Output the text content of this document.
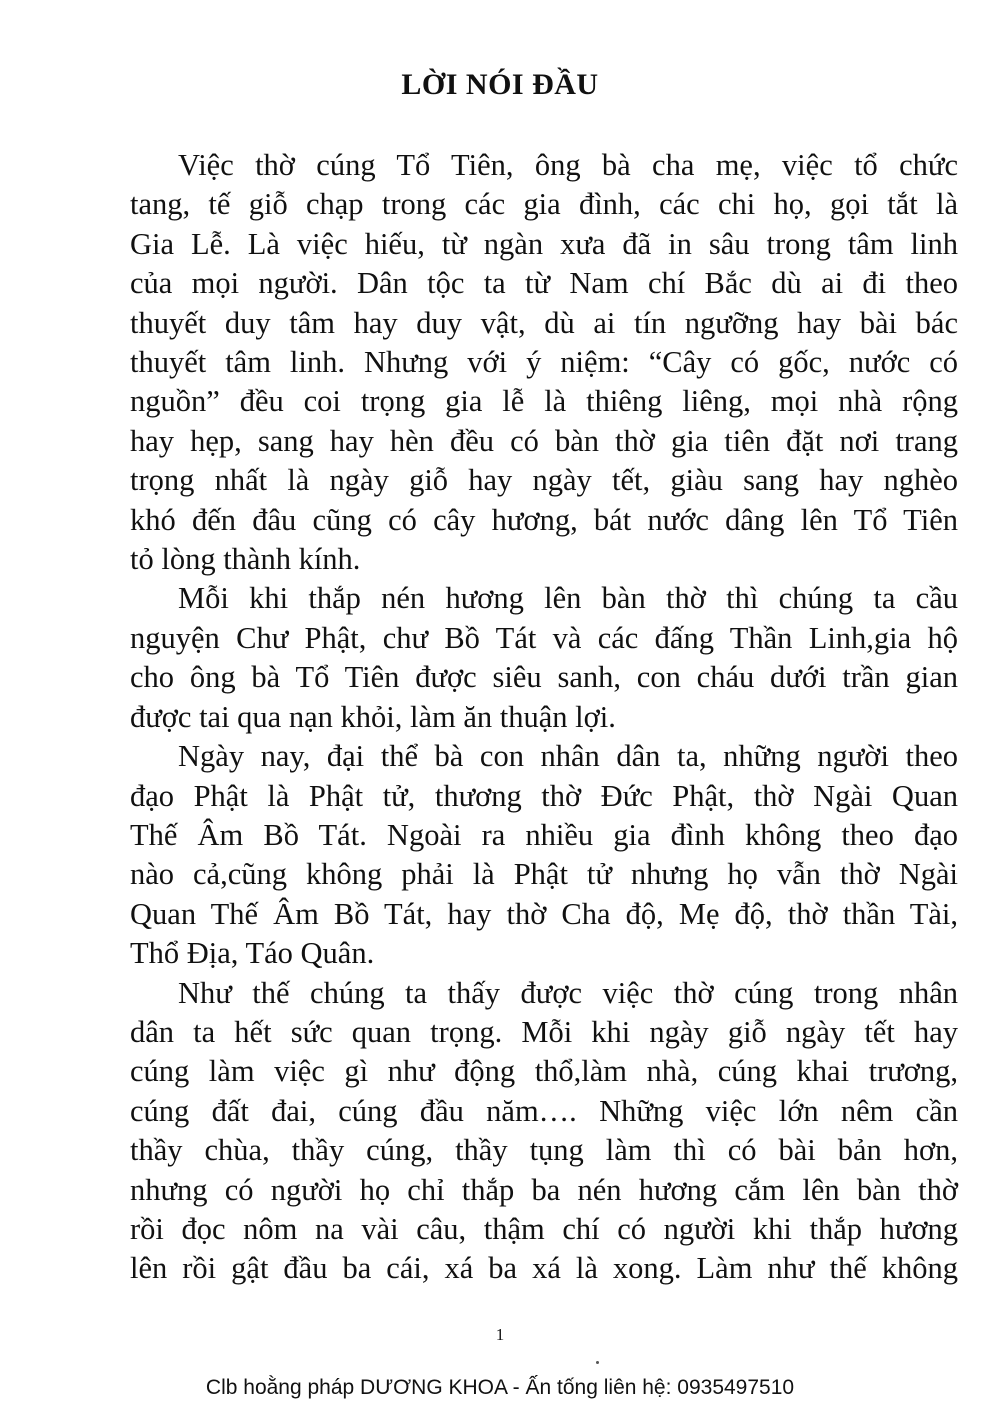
LỜI NÓI ĐẦU
Việc thờ cúng Tổ Tiên, ông bà cha mẹ, việc tổ chức
tang, tế giỗ chạp trong các gia đình, các chi họ, gọi tắt là
Gia Lễ. Là việc hiếu, từ ngàn xưa đã in sâu trong tâm linh
của mọi người. Dân tộc ta từ Nam chí Bắc dù ai đi theo
thuyết duy tâm hay duy vật, dù ai tín ngưỡng hay bài bác
thuyết tâm linh. Nhưng với ý niệm: “Cây có gốc, nước có
nguồn” đều coi trọng gia lễ là thiêng liêng, mọi nhà rộng
hay hẹp, sang hay hèn đều có bàn thờ gia tiên đặt nơi trang
trọng nhất là ngày giỗ hay ngày tết, giàu sang hay nghèo
khó đến đâu cũng có cây hương, bát nước dâng lên Tổ Tiên
tỏ lòng thành kính.
Mỗi khi thắp nén hương lên bàn thờ thì chúng ta cầu
nguyện Chư Phật, chư Bồ Tát và các đấng Thần Linh,gia hộ
cho ông bà Tổ Tiên được siêu sanh, con cháu dưới trần gian
được tai qua nạn khỏi, làm ăn thuận lợi.
Ngày nay, đại thể bà con nhân dân ta, những người theo
đạo Phật là Phật tử, thương thờ Đức Phật, thờ Ngài Quan
Thế Âm Bồ Tát. Ngoài ra nhiều gia đình không theo đạo
nào cả,cũng không phải là Phật tử nhưng họ vẫn thờ Ngài
Quan Thế Âm Bồ Tát, hay thờ Cha độ, Mẹ độ, thờ thần Tài,
Thổ Địa, Táo Quân.
Như thế chúng ta thấy được việc thờ cúng trong nhân
dân ta hết sức quan trọng. Mỗi khi ngày giỗ ngày tết hay
cúng làm việc gì như động thổ,làm nhà, cúng khai trương,
cúng đất đai, cúng đầu năm…. Những việc lớn nêm cần
thầy chùa, thầy cúng, thầy tụng làm thì có bài bản hơn,
nhưng có người họ chỉ thắp ba nén hương cắm lên bàn thờ
rồi đọc nôm na vài câu, thậm chí có người khi thắp hương
lên rồi gật đầu ba cái, xá ba xá là xong. Làm như thế không
1
Clb hoằng pháp DƯƠNG KHOA - Ấn tống liên hệ: 0935497510
